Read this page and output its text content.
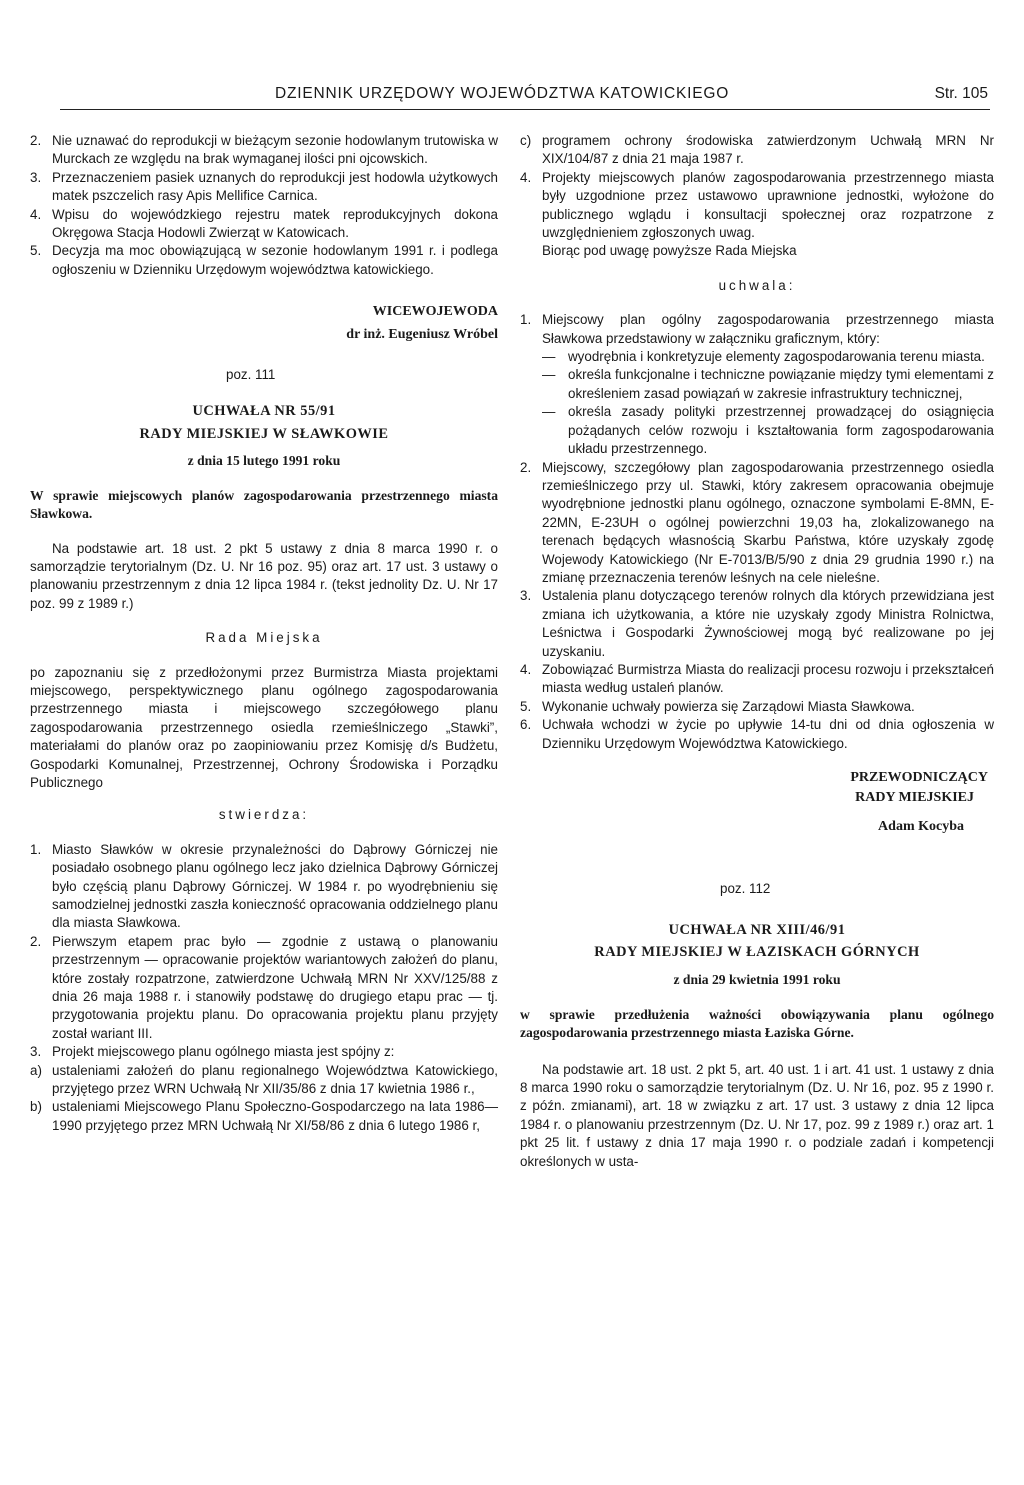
DZIENNIK URZĘDOWY WOJEWÓDZTWA KATOWICKIEGO	Str. 105
2. Nie uznawać do reprodukcji w bieżącym sezonie hodowlanym trutowiska w Murckach ze względu na brak wymaganej ilości pni ojcowskich.
3. Przeznaczeniem pasiek uznanych do reprodukcji jest hodowla użytkowych matek pszczelich rasy Apis Mellifice Carnica.
4. Wpisu do wojewódzkiego rejestru matek reprodukcyjnych dokona Okręgowa Stacja Hodowli Zwierząt w Katowicach.
5. Decyzja ma moc obowiązującą w sezonie hodowlanym 1991 r. i podlega ogłoszeniu w Dzienniku Urzędowym województwa katowickiego.
WICEWOJEWODA
dr inż. Eugeniusz Wróbel
poz. 111
UCHWAŁA NR 55/91
RADY MIEJSKIEJ W SŁAWKOWIE
z dnia 15 lutego 1991 roku

W sprawie miejscowych planów zagospodarowania przestrzennego miasta Sławkowa.

Na podstawie art. 18 ust. 2 pkt 5 ustawy z dnia 8 marca 1990 r. o samorządzie terytorialnym (Dz. U. Nr 16 poz. 95) oraz art. 17 ust. 3 ustawy o planowaniu przestrzennym z dnia 12 lipca 1984 r. (tekst jednolity Dz. U. Nr 17 poz. 99 z 1989 r.)

Rada Miejska

po zapoznaniu się z przedłożonymi przez Burmistrza Miasta projektami miejscowego, perspektywicznego planu ogólnego zagospodarowania przestrzennego miasta i miejscowego szczegółowego planu zagospodarowania przestrzennego osiedla rzemieślniczego „Stawki”, materiałami do planów oraz po zaopiniowaniu przez Komisję d/s Budżetu, Gospodarki Komunalnej, Przestrzennej, Ochrony Środowiska i Porządku Publicznego

stwierdza:
1. Miasto Sławków w okresie przynależności do Dąbrowy Górniczej nie posiadało osobnego planu ogólnego lecz jako dzielnica Dąbrowy Górniczej było częścią planu Dąbrowy Górniczej. W 1984 r. po wyodrębnieniu się samodzielnej jednostki zaszła konieczność opracowania oddzielnego planu dla miasta Sławkowa.
2. Pierwszym etapem prac było — zgodnie z ustawą o planowaniu przestrzennym — opracowanie projektów wariantowych założeń do planu, które zostały rozpatrzone, zatwierdzone Uchwałą MRN Nr XXV/125/88 z dnia 26 maja 1988 r. i stanowiły podstawę do drugiego etapu prac — tj. przygotowania projektu planu. Do opracowania projektu planu przyjęty został wariant III.
3. Projekt miejscowego planu ogólnego miasta jest spójny z:
a) ustaleniami założeń do planu regionalnego Województwa Katowickiego, przyjętego przez WRN Uchwałą Nr XII/35/86 z dnia 17 kwietnia 1986 r.,
b) ustaleniami Miejscowego Planu Społeczno-Gospodarczego na lata 1986—1990 przyjętego przez MRN Uchwałą Nr XI/58/86 z dnia 6 lutego 1986 r,
c) programem ochrony środowiska zatwierdzonym Uchwałą MRN Nr XIX/104/87 z dnia 21 maja 1987 r.
4. Projekty miejscowych planów zagospodarowania przestrzennego miasta były uzgodnione przez ustawowo uprawnione jednostki, wyłożone do publicznego wglądu i konsultacji społecznej oraz rozpatrzone z uwzględnieniem zgłoszonych uwag.

Biorąc pod uwagę powyższe Rada Miejska

uchwala:
1. Miejscowy plan ogólny zagospodarowania przestrzennego miasta Sławkowa przedstawiony w załączniku graficznym, który:
— wyodrębnia i konkretyzuje elementy zagospodarowania terenu miasta.
— określa funkcjonalne i techniczne powiązanie między tymi elementami z określeniem zasad powiązań w zakresie infrastruktury technicznej,
— określa zasady polityki przestrzennej prowadzącej do osiągnięcia pożądanych celów rozwoju i kształtowania form zagospodarowania układu przestrzennego.
2. Miejscowy, szczegółowy plan zagospodarowania przestrzennego osiedla rzemieślniczego przy ul. Stawki, który zakresem opracowania obejmuje wyodrębnione jednostki planu ogólnego, oznaczone symbolami E-8MN, E-22MN, E-23UH o ogólnej powierzchni 19,03 ha, zlokalizowanego na terenach będących własnością Skarbu Państwa, które uzyskały zgodę Wojewody Katowickiego (Nr E-7013/B/5/90 z dnia 29 grudnia 1990 r.) na zmianę przeznaczenia terenów leśnych na cele nieleśne.
3. Ustalenia planu dotyczącego terenów rolnych dla których przewidziana jest zmiana ich użytkowania, a które nie uzyskały zgody Ministra Rolnictwa, Leśnictwa i Gospodarki Żywnościowej mogą być realizowane po jej uzyskaniu.
4. Zobowiązać Burmistrza Miasta do realizacji procesu rozwoju i przekształceń miasta według ustaleń planów.
5. Wykonanie uchwały powierza się Zarządowi Miasta Sławkowa.
6. Uchwała wchodzi w życie po upływie 14-tu dni od dnia ogłoszenia w Dzienniku Urzędowym Województwa Katowickiego.
PRZEWODNICZĄCY
RADY MIEJSKIEJ
Adam Kocyba
poz. 112
UCHWAŁA NR XIII/46/91
RADY MIEJSKIEJ W ŁAZISKACH GÓRNYCH
z dnia 29 kwietnia 1991 roku

w sprawie przedłużenia ważności obowiązywania planu ogólnego zagospodarowania przestrzennego miasta Łaziska Górne.

Na podstawie art. 18 ust. 2 pkt 5, art. 40 ust. 1 i art. 41 ust. 1 ustawy z dnia 8 marca 1990 roku o samorządzie terytorialnym (Dz. U. Nr 16, poz. 95 z 1990 r. z późn. zmianami), art. 18 w związku z art. 17 ust. 3 ustawy z dnia 12 lipca 1984 r. o planowaniu przestrzennym (Dz. U. Nr 17, poz. 99 z 1989 r.) oraz art. 1 pkt 25 lit. f ustawy z dnia 17 maja 1990 r. o podziale zadań i kompetencji określonych w usta-
